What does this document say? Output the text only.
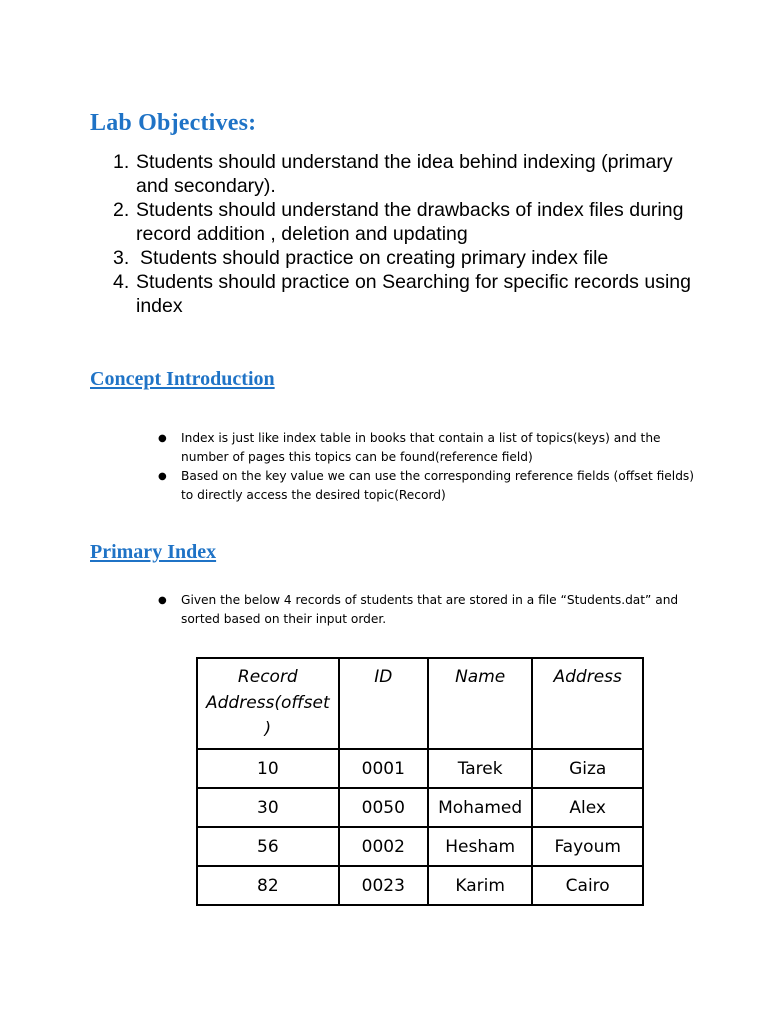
Lab Objectives:
1. Students should understand the idea behind indexing (primary and secondary).
2. Students should understand the drawbacks of index files during record addition , deletion and updating
3. Students should practice on creating primary index file
4. Students should practice on Searching for specific records using index
Concept Introduction
●	Index is just like index table in books that contain a list of topics(keys) and the number of pages this topics can be found(reference field)
●	Based on the key value we can use the corresponding reference fields (offset fields) to directly access the desired topic(Record)
Primary Index
●	Given the below 4 records of students that are stored in a file “Students.dat” and sorted based on their input order.
Record Address(offset )	ID	Name	Address
10	0001	Tarek	Giza
30	0050	Mohamed	Alex
56	0002	Hesham	Fayoum
82	0023	Karim	Cairo
